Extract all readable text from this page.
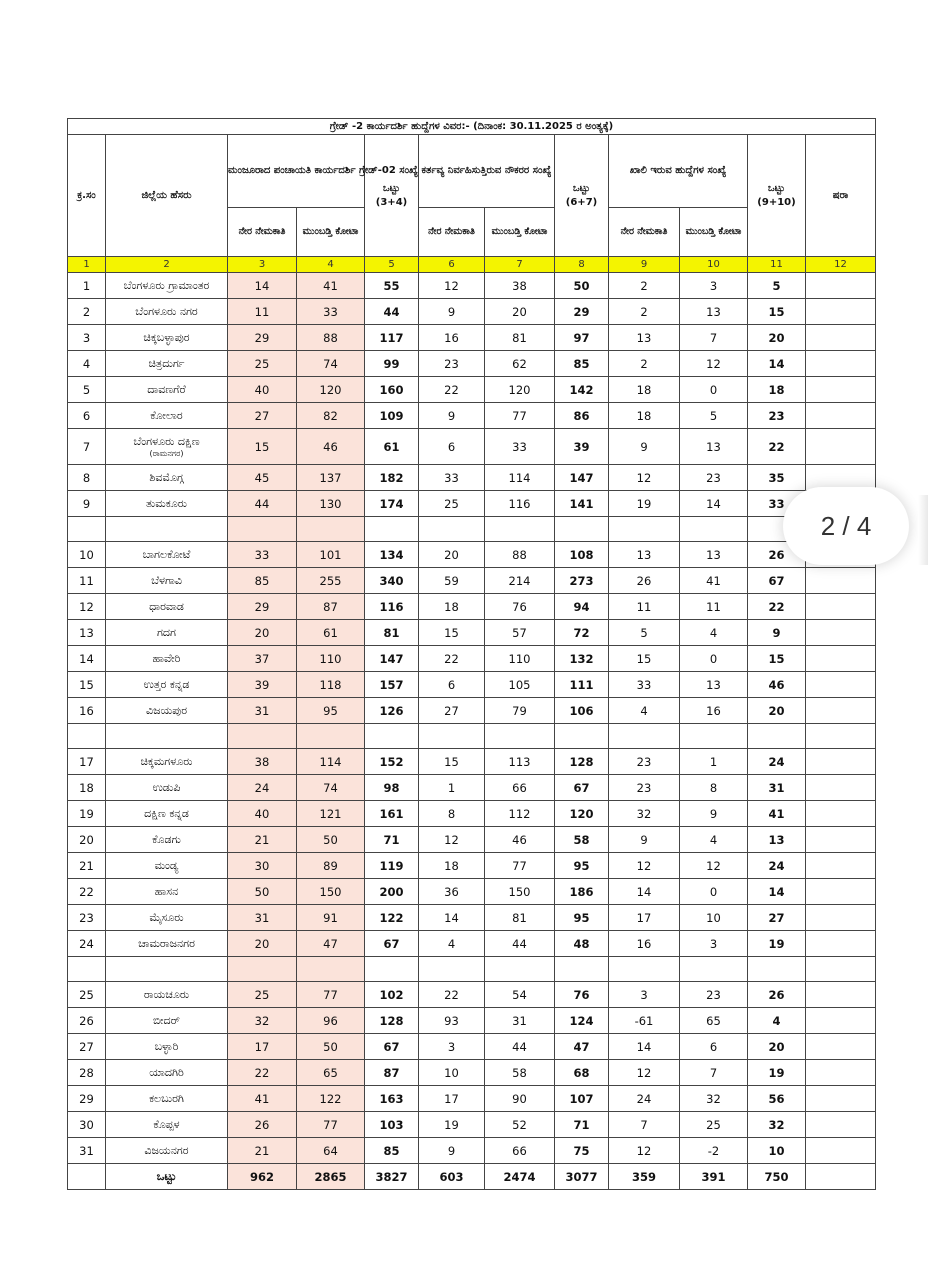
ಗ್ರೇಡ್ -2 ಕಾರ್ಯದರ್ಶಿ ಹುದ್ದೆಗಳ ವಿವರ:- (ದಿನಾಂಕ: 30.11.2025 ರ ಅಂತ್ಯಕ್ಕೆ)											
ಕ್ರ.ಸಂ	ಜಿಲ್ಲೆಯ ಹೆಸರು	ಮಂಜೂರಾದ ಪಂಚಾಯತಿ ಕಾರ್ಯದರ್ಶಿ ಗ್ರೇಡ್-02 ಸಂಖ್ಯೆ		ಒಟ್ಟು
(3+4)	ಕರ್ತವ್ಯ ನಿರ್ವಹಿಸುತ್ತಿರುವ ನೌಕರರ ಸಂಖ್ಯೆ		ಒಟ್ಟು
(6+7)	ಖಾಲಿ ಇರುವ ಹುದ್ದೆಗಳ ಸಂಖ್ಯೆ		ಒಟ್ಟು
(9+10)	ಷರಾ
		ನೇರ ನೇಮಕಾತಿ	ಮುಂಬಡ್ತಿ ಕೋಟಾ		ನೇರ ನೇಮಕಾತಿ	ಮುಂಬಡ್ತಿ ಕೋಟಾ		ನೇರ ನೇಮಕಾತಿ	ಮುಂಬಡ್ತಿ ಕೋಟಾ		
1	2	3	4	5	6	7	8	9	10	11	12
1	ಬೆಂಗಳೂರು ಗ್ರಾಮಾಂತರ	14	41	55	12	38	50	2	3	5	
2	ಬೆಂಗಳೂರು ನಗರ	11	33	44	9	20	29	2	13	15	
3	ಚಿಕ್ಕಬಳ್ಳಾಪುರ	29	88	117	16	81	97	13	7	20	
4	ಚಿತ್ರದುರ್ಗ	25	74	99	23	62	85	2	12	14	
5	ದಾವಣಗೆರೆ	40	120	160	22	120	142	18	0	18	
6	ಕೋಲಾರ	27	82	109	9	77	86	18	5	23	
7	ಬೆಂಗಳೂರು ದಕ್ಷಿಣ
(ರಾಮನಗರ)	15	46	61	6	33	39	9	13	22	
8	ಶಿವಮೊಗ್ಗ	45	137	182	33	114	147	12	23	35	
9	ತುಮಕೂರು	44	130	174	25	116	141	19	14	33	

10	ಬಾಗಲಕೋಟೆ	33	101	134	20	88	108	13	13	26	
11	ಬೆಳಗಾವಿ	85	255	340	59	214	273	26	41	67	
12	ಧಾರವಾಡ	29	87	116	18	76	94	11	11	22	
13	ಗದಗ	20	61	81	15	57	72	5	4	9	
14	ಹಾವೇರಿ	37	110	147	22	110	132	15	0	15	
15	ಉತ್ತರ ಕನ್ನಡ	39	118	157	6	105	111	33	13	46	
16	ವಿಜಯಪುರ	31	95	126	27	79	106	4	16	20	

17	ಚಿಕ್ಕಮಗಳೂರು	38	114	152	15	113	128	23	1	24	
18	ಉಡುಪಿ	24	74	98	1	66	67	23	8	31	
19	ದಕ್ಷಿಣ ಕನ್ನಡ	40	121	161	8	112	120	32	9	41	
20	ಕೊಡಗು	21	50	71	12	46	58	9	4	13	
21	ಮಂಡ್ಯ	30	89	119	18	77	95	12	12	24	
22	ಹಾಸನ	50	150	200	36	150	186	14	0	14	
23	ಮೈಸೂರು	31	91	122	14	81	95	17	10	27	
24	ಚಾಮರಾಜನಗರ	20	47	67	4	44	48	16	3	19	

25	ರಾಯಚೂರು	25	77	102	22	54	76	3	23	26	
26	ಬೀದರ್	32	96	128	93	31	124	-61	65	4	
27	ಬಳ್ಳಾರಿ	17	50	67	3	44	47	14	6	20	
28	ಯಾದಗಿರಿ	22	65	87	10	58	68	12	7	19	
29	ಕಲಬುರಗಿ	41	122	163	17	90	107	24	32	56	
30	ಕೊಪ್ಪಳ	26	77	103	19	52	71	7	25	32	
31	ವಿಜಯನಗರ	21	64	85	9	66	75	12	-2	10	
	ಒಟ್ಟು	962	2865	3827	603	2474	3077	359	391	750	
2 / 4
